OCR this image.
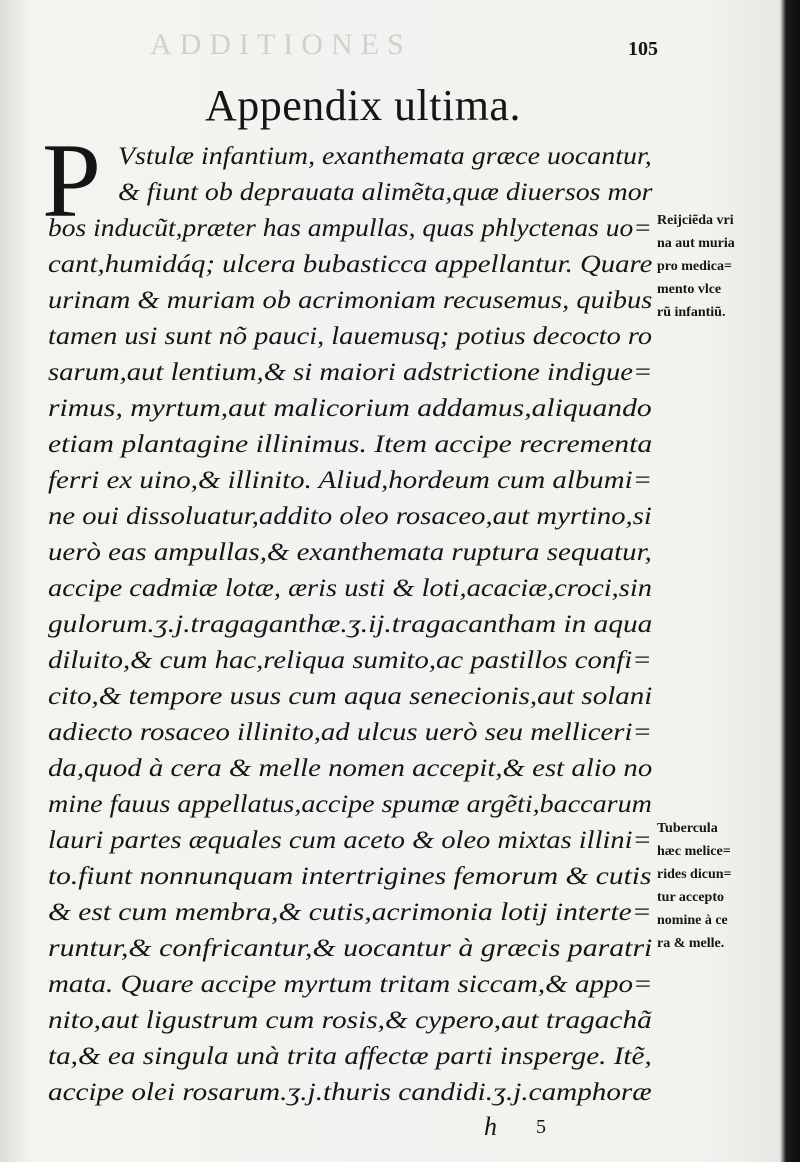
ADDITIONES	105
Appendix ultima.
P Vstulæ infantium, exanthemata græce uocantur,
& fiunt ob deprauata alimẽta,quæ diuersos mor
bos inducũt,præter has ampullas, quas phlyctenas uo=
cant,humidáq; ulcera bubasticca appellantur. Quare
urinam & muriam ob acrimoniam recusemus, quibus
tamen usi sunt nõ pauci, lauemusq; potius decocto ro
sarum,aut lentium,& si maiori adstrictione indigue=
rimus, myrtum,aut malicorium addamus,aliquando
etiam plantagine illinimus. Item accipe recrementa
ferri ex uino,& illinito. Aliud,hordeum cum albumi=
ne oui dissoluatur,addito oleo rosaceo,aut myrtino,si
uerò eas ampullas,& exanthemata ruptura sequatur,
accipe cadmiæ lotæ, æris usti & loti,acaciæ,croci,sin
gulorum.ʒ.j.tragaganthæ.ʒ.ij.tragacantham in aqua
diluito,& cum hac,reliqua sumito,ac pastillos confi=
cito,& tempore usus cum aqua senecionis,aut solani
adiecto rosaceo illinito,ad ulcus uerò seu melliceri=
da,quod à cera & melle nomen accepit,& est alio no
mine fauus appellatus,accipe spumæ argẽti,baccarum
lauri partes æquales cum aceto & oleo mixtas illini=
to.fiunt nonnunquam intertrigines femorum & cutis
& est cum membra,& cutis,acrimonia lotij interte=
runtur,& confricantur,& uocantur à græcis paratri
mata. Quare accipe myrtum tritam siccam,& appo=
nito,aut ligustrum cum rosis,& cypero,aut tragachã
ta,& ea singula unà trita affectæ parti insperge. Itẽ,
accipe olei rosarum.ʒ.j.thuris candidi.ʒ.j.camphoræ
Reijciẽda vri
na aut muria
pro medica=
mento vlce
rũ infantiũ.
Tubercula
hæc melice=
rides dicun=
tur accepto
nomine à ce
ra & melle.
h 5
